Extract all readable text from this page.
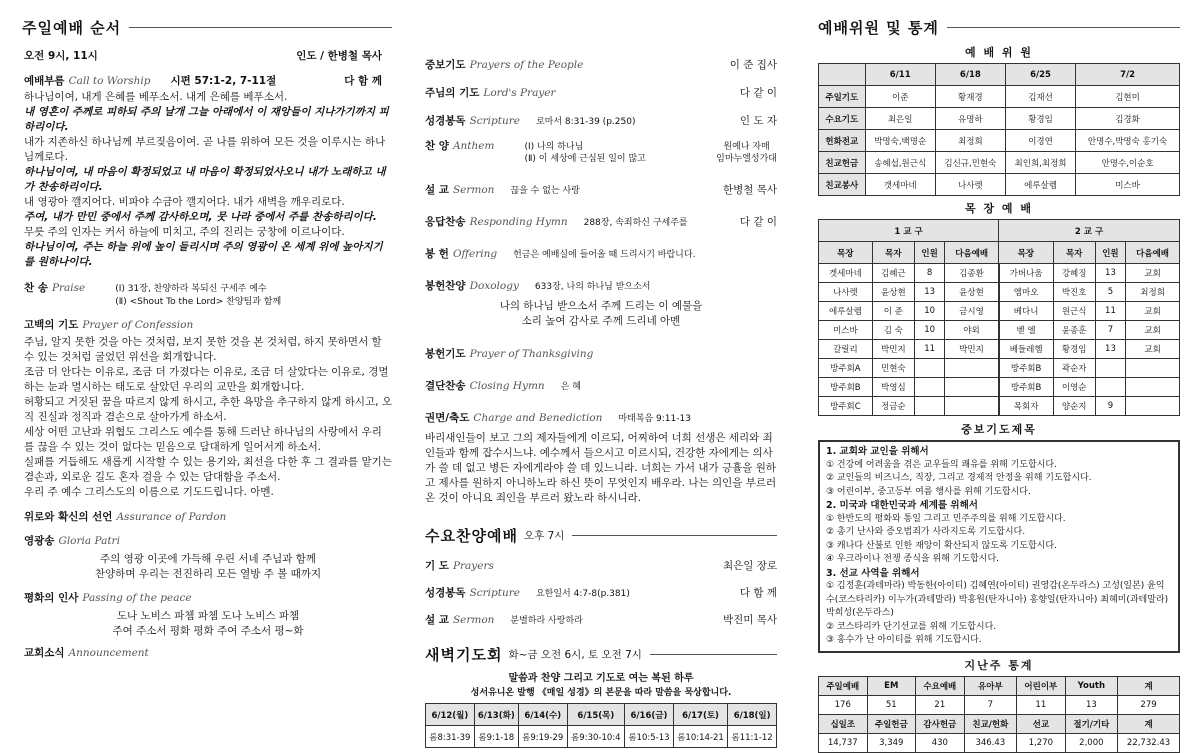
주일예배 순서
오전 9시, 11시	인도 / 한병철 목사
예배부름 Call to Worship 시편 57:1-2, 7-11절	다 함 께
하나님이여, 내게 은혜를 베푸소서. 내게 은혜를 베푸소서.
내 영혼이 주께로 피하되 주의 날개 그늘 아래에서 이 재앙들이 지나가기까지 피하리이다.
내가 지존하신 하나님께 부르짖음이여. 곧 나를 위하여 모든 것을 이루시는 하나님께로다.
하나님이여, 내 마음이 확정되었고 내 마음이 확정되었사오니 내가 노래하고 내가 찬송하리이다.
내 영광아 깰지어다. 비파야 수금아 깰지어다. 내가 새벽을 깨우리로다.
주여, 내가 만민 중에서 주께 감사하오며, 뭇 나라 중에서 주를 찬송하리이다.
무릇 주의 인자는 커서 하늘에 미치고, 주의 진리는 궁창에 이르나이다.
하나님이여, 주는 하늘 위에 높이 들리시며 주의 영광이 온 세계 위에 높아지기를 원하나이다.
찬 송 Praise	(Ⅰ) 31장, 찬양하라 복되신 구세주 예수
(Ⅱ) <Shout To the Lord> 찬양팀과 함께
고백의 기도 Prayer of Confession
주님, 알지 못한 것을 아는 것처럼, 보지 못한 것을 본 것처럼, 하지 못하면서 할 수 있는 것처럼 굴었던 위선을 회개합니다.
조금 더 안다는 이유로, 조금 더 가졌다는 이유로, 조금 더 살았다는 이유로, 경멸하는 눈과 멸시하는 태도로 살았던 우리의 교만을 회개합니다.
허황되고 거짓된 꿈을 따르지 않게 하시고, 추한 욕망을 추구하지 않게 하시고, 오직 진실과 정직과 겸손으로 살아가게 하소서.
세상 어떤 고난과 위협도 그리스도 예수를 통해 드러난 하나님의 사랑에서 우리를 끊을 수 있는 것이 없다는 믿음으로 담대하게 일어서게 하소서.
실패를 거듭해도 새롭게 시작할 수 있는 용기와, 최선을 다한 후 그 결과를 맡기는 겸손과, 외로운 길도 혼자 걸을 수 있는 담대함을 주소서.
우리 주 예수 그리스도의 이름으로 기도드립니다. 아멘.
위로와 확신의 선언 Assurance of Pardon
영광송 Gloria Patri
주의 영광 이곳에 가득해 우린 서네 주님과 함께
찬양하며 우리는 전진하리 모든 열방 주 볼 때까지
평화의 인사 Passing of the peace
도나 노비스 파쳄 파쳄 도나 노비스 파쳄
주여 주소서 평화 평화 주여 주소서 평~화
교회소식 Announcement
중보기도 Prayers of the People	이 준 집사
주님의 기도 Lord's Prayer	다 같 이
성경봉독 Scripture 로마서 8:31-39 (p.250)	인 도 자
찬 양 Anthem	(Ⅰ) 나의 하나님
(Ⅱ) 이 세상에 근심된 일이 많고
원예나 자매
임마누엘성가대
설 교 Sermon 끊을 수 없는 사랑	한병철 목사
응답찬송 Responding Hymn 288장, 속죄하신 구세주를	다 같 이
봉 헌 Offering 헌금은 예배실에 들어올 때 드리시기 바랍니다.
봉헌찬양 Doxology 633장, 나의 하나님 받으소서
나의 하나님 받으소서 주께 드리는 이 예물을
소리 높여 감사로 주께 드리네 아멘
봉헌기도 Prayer of Thanksgiving
결단찬송 Closing Hymn 은 혜
권면/축도 Charge and Benediction 마태복음 9:11-13
바리새인들이 보고 그의 제자들에게 이르되, 어찌하여 너희 선생은 세리와 죄인들과 함께 잡수시느냐. 예수께서 들으시고 이르시되, 건강한 자에게는 의사가 쓸 데 없고 병든 자에게라야 쓸 데 있느니라. 너희는 가서 내가 긍휼을 원하고 제사를 원하지 아니하노라 하신 뜻이 무엇인지 배우라. 나는 의인을 부르러 온 것이 아니요 죄인을 부르러 왔노라 하시니라.
수요찬양예배 오후 7시
기 도 Prayers	최은일 장로
성경봉독 Scripture 요한일서 4:7-8(p.381)	다 함 께
설 교 Sermon 분별하라 사랑하라	박진미 목사
새벽기도회 화~금 오전 6시, 토 오전 7시
말씀과 찬양 그리고 기도로 여는 복된 하루
성서유니온 발행 《매일 성경》의 본문을 따라 말씀을 묵상합니다.
6/12(월)	6/13(화)	6/14(수)	6/15(목)	6/16(금)	6/17(토)	6/18(일)
롬8:31-39	롬9:1-18	롬9:19-29	롬9:30-10:4	롬10:5-13	롬10:14-21	롬11:1-12
예배위원 및 통계
예 배 위 원
	6/11	6/18	6/25	7/2
주일기도	이준	황재경	김재선	김현미
수요기도	최은일	유명하	황경임	김경화
헌화전교	박명숙,백명순	최정희	이경연	안명수,박명숙 홍기숙
친교헌금	송혜섭,원근식	김신규,민현숙	최인희,최정희	안명수,이순호
친교봉사	갯세마네	나사렛	에루살렘	미스바
목 장 예 배
1 교 구				2 교 구			
목장	목자	인원	다음예배	목장	목자	인원	다음예배
겟세마네	김혜근	8	김종환	가버나움	강혜징	13	교회
나사렛	윤상현	13	윤상현	엠마오	박진호	5	최정희
에루살렘	이 준	10	금시영	베다니	원근식	11	교회
미스바	김 숙	10	야외	벧 엘	윤종훈	7	교회
갈릴리	박민지	11	박민지	베들레헴	황경임	13	교회
방주회A	민현숙			방주회B	곽순자		
방주회B	박영심			방주회B	이영순		
방주회C	정금순			목회자	양순지	9	
중보기도제목
1. 교회와 교인을 위해서
① 건강에 어려움을 겪은 교우들의 쾌유를 위해 기도합시다.
② 교인들의 비즈니스, 직장, 그리고 경제적 안정을 위해 기도합시다.
③ 어린이부, 중고등부 여름 행사를 위해 기도합시다.
2. 미국과 대한민국과 세계를 위해서
① 한반도의 평화와 통일 그리고 민주주의를 위해 기도합시다.
② 총기 난사와 증오범죄가 사라지도록 기도합시다.
③ 캐나다 산불로 인한 재앙이 확산되지 않도록 기도합시다.
④ 우크라이나 전쟁 종식을 위해 기도합시다.
3. 선교 사역을 위해서
① 김정훈(과테마라) 박동한(아이티) 김혜연(아이티) 권영감(온두라스) 고성(일본) 윤익수(코스타리카) 이누가(과테말라) 박홍원(탄자니아) 홍향일(탄자니아) 최혜미(과테말라) 박희성(온두라스)
② 코스타리카 단기선교를 위해 기도합시다.
③ 홍수가 난 아이티를 위해 기도합시다.
지난주 통계
주일예배	EM	수요예배	유아부	어린이부	Youth	계
176	51	21	7	11	13	279
십일조	주일헌금	감사헌금	친교/헌화	선교	절기/기타	계
14,737	3,349	430	346.43	1,270	2,000	22,732.43
